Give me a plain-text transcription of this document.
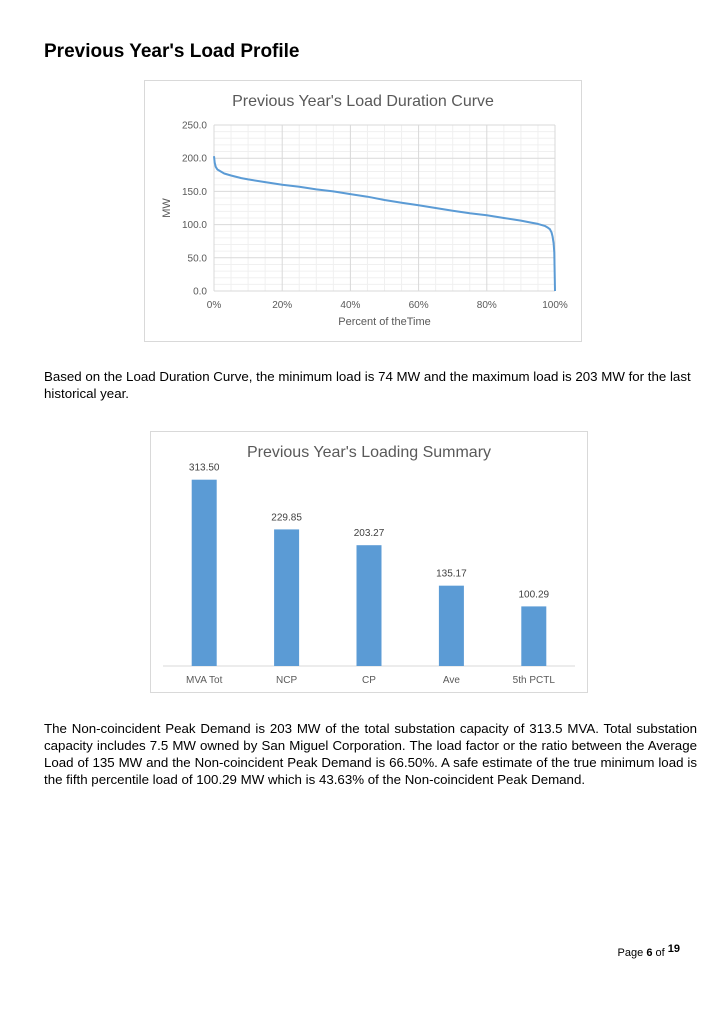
Previous Year's Load Profile
Previous Year's Load Duration Curve
0.0
50.0
100.0
150.0
200.0
250.0
0%	20%	40%	60%	80%	100%
Percent of theTime
MW

Based on the Load Duration Curve, the minimum load is 74 MW and the maximum load is 203 MW for the last historical year.

Previous Year's Loading Summary
313.50
MVA Tot
229.85
NCP
203.27
CP
135.17
Ave
100.29
5th PCTL

The Non-coincident Peak Demand is 203 MW of the total substation capacity of 313.5 MVA. Total substation capacity includes 7.5 MW owned by San Miguel Corporation. The load factor or the ratio between the Average Load of 135 MW and the Non-coincident Peak Demand is 66.50%. A safe estimate of the true minimum load is the fifth percentile load of 100.29 MW which is 43.63% of the Non-coincident Peak Demand.

Page 6 of 19
